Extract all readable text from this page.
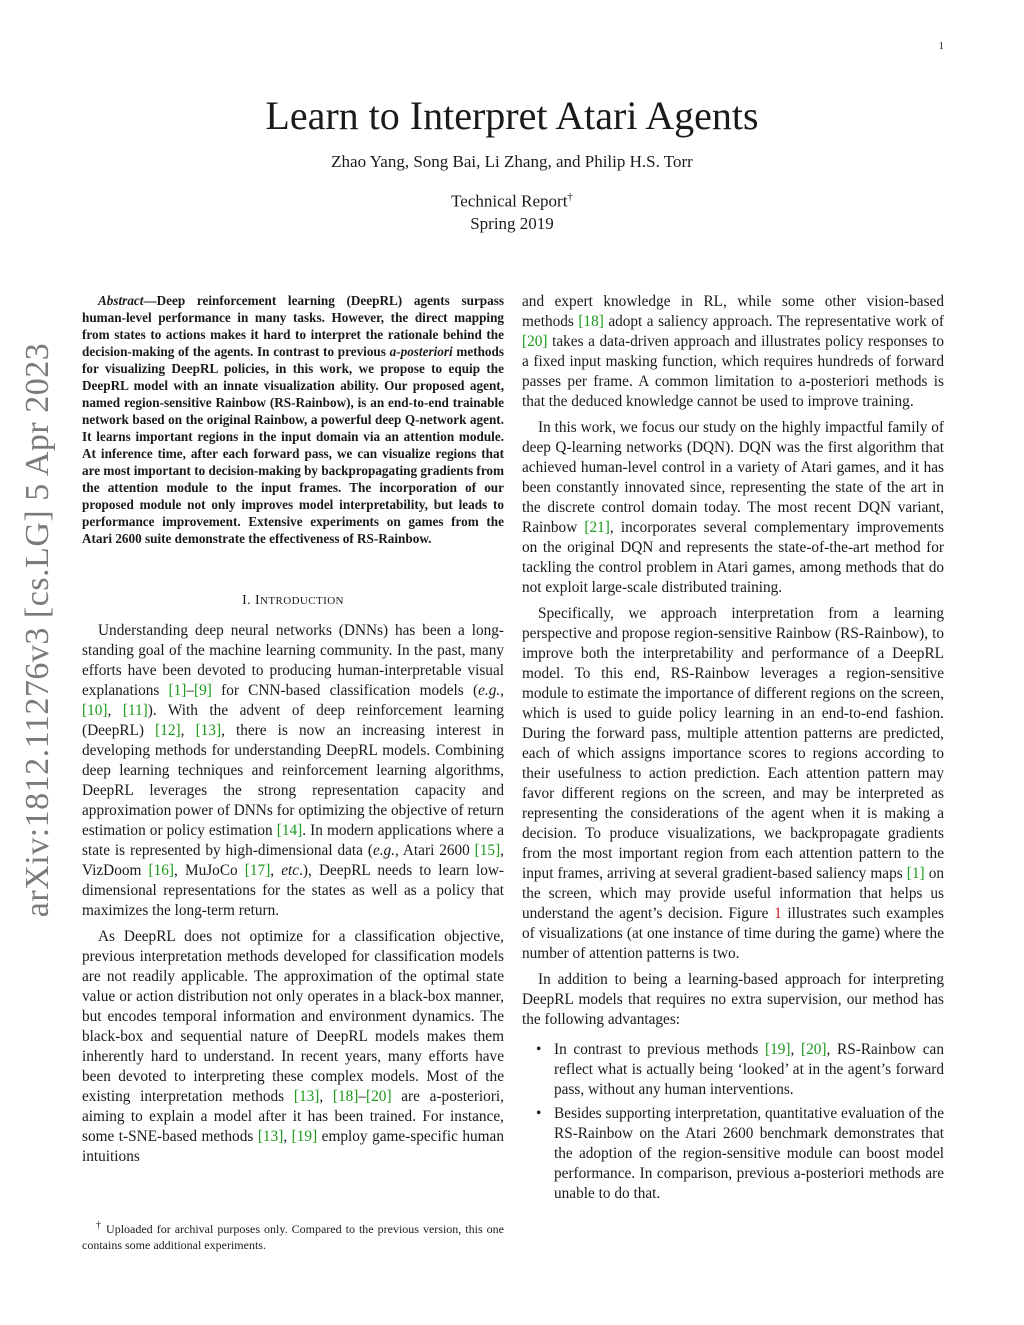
1
arXiv:1812.11276v3 [cs.LG] 5 Apr 2023
Learn to Interpret Atari Agents
Zhao Yang, Song Bai, Li Zhang, and Philip H.S. Torr
Technical Report†
Spring 2019

Abstract—Deep reinforcement learning (DeepRL) agents surpass human-level performance in many tasks. However, the direct mapping from states to actions makes it hard to interpret the rationale behind the decision-making of the agents. In contrast to previous a-posteriori methods for visualizing DeepRL policies, in this work, we propose to equip the DeepRL model with an innate visualization ability. Our proposed agent, named region-sensitive Rainbow (RS-Rainbow), is an end-to-end trainable network based on the original Rainbow, a powerful deep Q-network agent. It learns important regions in the input domain via an attention module. At inference time, after each forward pass, we can visualize regions that are most important to decision-making by backpropagating gradients from the attention module to the input frames. The incorporation of our proposed module not only improves model interpretability, but leads to performance improvement. Extensive experiments on games from the Atari 2600 suite demonstrate the effectiveness of RS-Rainbow.

I. INTRODUCTION

Understanding deep neural networks (DNNs) has been a long-standing goal of the machine learning community. In the past, many efforts have been devoted to producing human-interpretable visual explanations [1]–[9] for CNN-based classification models (e.g., [10], [11]). With the advent of deep reinforcement learning (DeepRL) [12], [13], there is now an increasing interest in developing methods for understanding DeepRL models. Combining deep learning techniques and reinforcement learning algorithms, DeepRL leverages the strong representation capacity and approximation power of DNNs for optimizing the objective of return estimation or policy estimation [14]. In modern applications where a state is represented by high-dimensional data (e.g., Atari 2600 [15], VizDoom [16], MuJoCo [17], etc.), DeepRL needs to learn low-dimensional representations for the states as well as a policy that maximizes the long-term return.

As DeepRL does not optimize for a classification objective, previous interpretation methods developed for classification models are not readily applicable. The approximation of the optimal state value or action distribution not only operates in a black-box manner, but encodes temporal information and environment dynamics. The black-box and sequential nature of DeepRL models makes them inherently hard to understand. In recent years, many efforts have been devoted to interpreting these complex models. Most of the existing interpretation methods [13], [18]–[20] are a-posteriori, aiming to explain a model after it has been trained. For instance, some t-SNE-based methods [13], [19] employ game-specific human intuitions

† Uploaded for archival purposes only. Compared to the previous version, this one contains some additional experiments.

and expert knowledge in RL, while some other vision-based methods [18] adopt a saliency approach. The representative work of [20] takes a data-driven approach and illustrates policy responses to a fixed input masking function, which requires hundreds of forward passes per frame. A common limitation to a-posteriori methods is that the deduced knowledge cannot be used to improve training.

In this work, we focus our study on the highly impactful family of deep Q-learning networks (DQN). DQN was the first algorithm that achieved human-level control in a variety of Atari games, and it has been constantly innovated since, representing the state of the art in the discrete control domain today. The most recent DQN variant, Rainbow [21], incorporates several complementary improvements on the original DQN and represents the state-of-the-art method for tackling the control problem in Atari games, among methods that do not exploit large-scale distributed training.

Specifically, we approach interpretation from a learning perspective and propose region-sensitive Rainbow (RS-Rainbow), to improve both the interpretability and performance of a DeepRL model. To this end, RS-Rainbow leverages a region-sensitive module to estimate the importance of different regions on the screen, which is used to guide policy learning in an end-to-end fashion. During the forward pass, multiple attention patterns are predicted, each of which assigns importance scores to regions according to their usefulness to action prediction. Each attention pattern may favor different regions on the screen, and may be interpreted as representing the considerations of the agent when it is making a decision. To produce visualizations, we backpropagate gradients from the most important region from each attention pattern to the input frames, arriving at several gradient-based saliency maps [1] on the screen, which may provide useful information that helps us understand the agent’s decision. Figure 1 illustrates such examples of visualizations (at one instance of time during the game) where the number of attention patterns is two.

In addition to being a learning-based approach for interpreting DeepRL models that requires no extra supervision, our method has the following advantages:

• In contrast to previous methods [19], [20], RS-Rainbow can reflect what is actually being ‘looked’ at in the agent’s forward pass, without any human interventions.
• Besides supporting interpretation, quantitative evaluation of the RS-Rainbow on the Atari 2600 benchmark demonstrates that the adoption of the region-sensitive module can boost model performance. In comparison, previous a-posteriori methods are unable to do that.
